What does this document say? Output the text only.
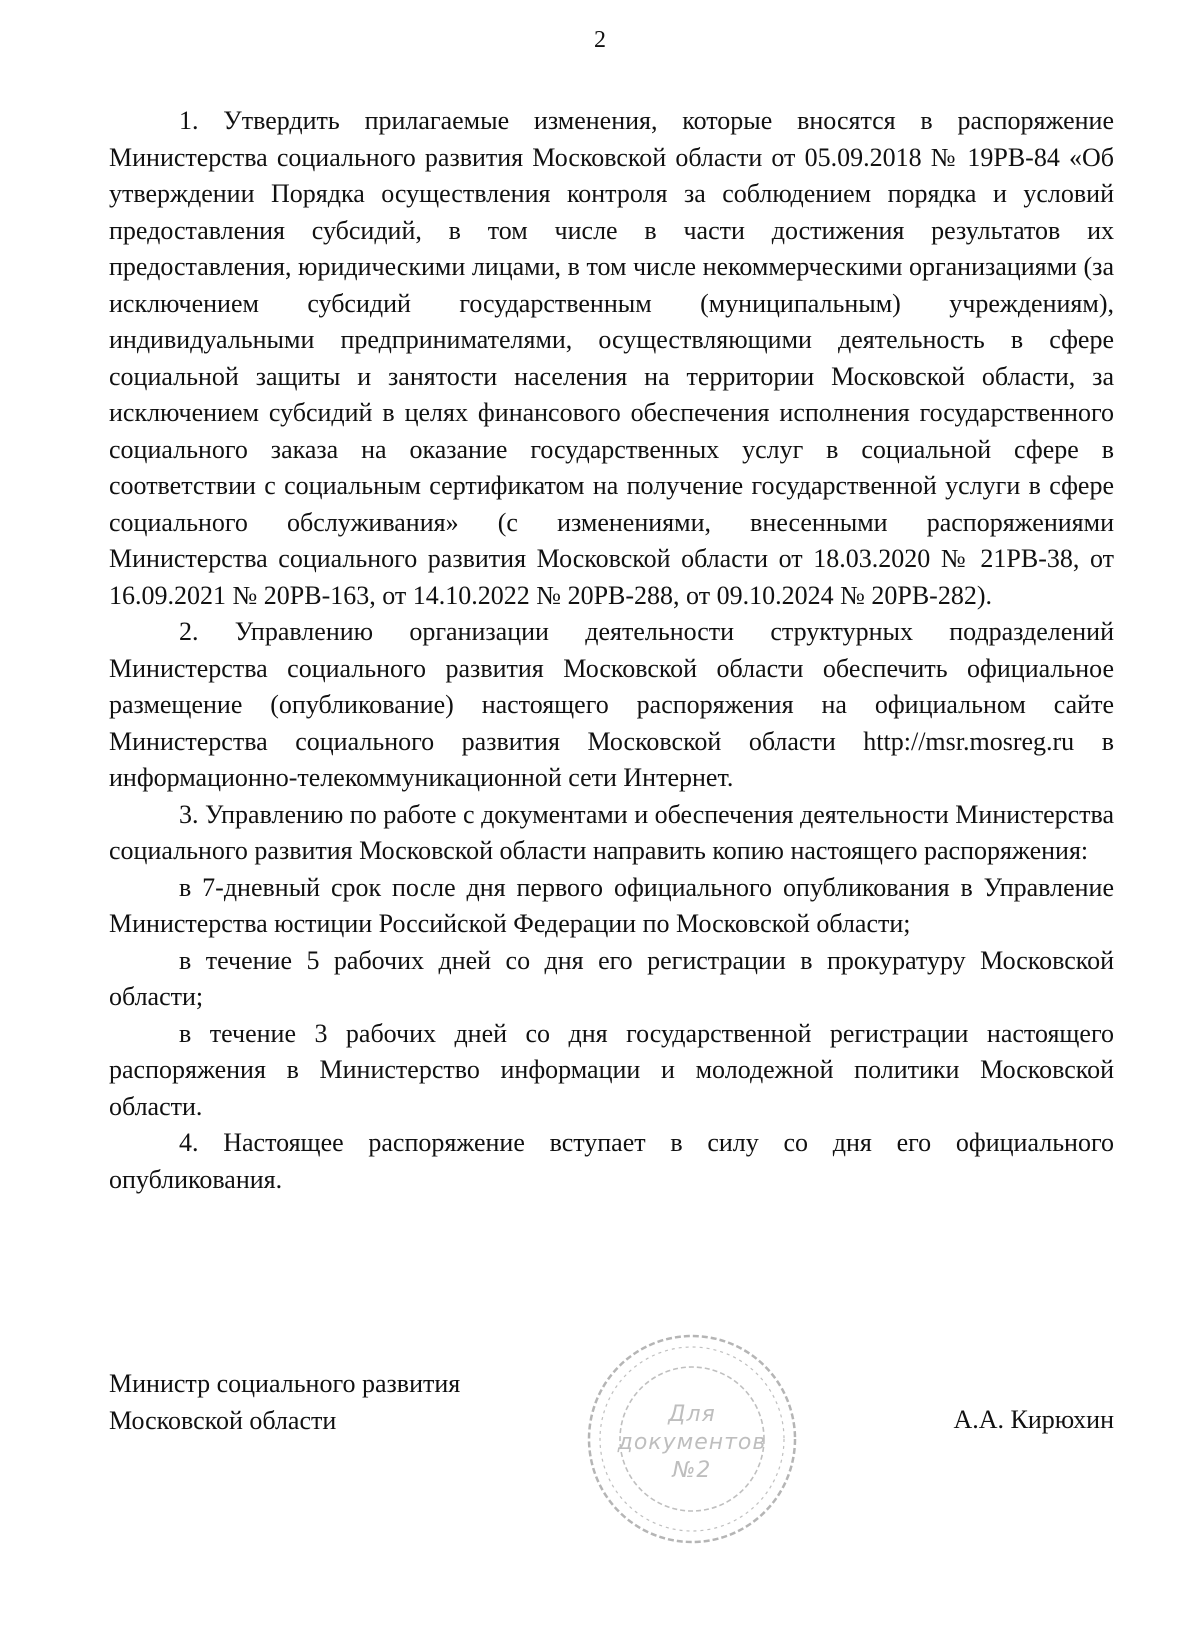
2

1. Утвердить прилагаемые изменения, которые вносятся в распоряжение Министерства социального развития Московской области от 05.09.2018 № 19РВ-84 «Об утверждении Порядка осуществления контроля за соблюдением порядка и условий предоставления субсидий, в том числе в части достижения результатов их предоставления, юридическими лицами, в том числе некоммерческими организациями (за исключением субсидий государственным (муниципальным) учреждениям), индивидуальными предпринимателями, осуществляющими деятельность в сфере социальной защиты и занятости населения на территории Московской области, за исключением субсидий в целях финансового обеспечения исполнения государственного социального заказа на оказание государственных услуг в социальной сфере в соответствии с социальным сертификатом на получение государственной услуги в сфере социального обслуживания» (с изменениями, внесенными распоряжениями Министерства социального развития Московской области от 18.03.2020 № 21РВ-38, от 16.09.2021 № 20РВ-163, от 14.10.2022 № 20РВ-288, от 09.10.2024 № 20РВ-282).

2. Управлению организации деятельности структурных подразделений Министерства социального развития Московской области обеспечить официальное размещение (опубликование) настоящего распоряжения на официальном сайте Министерства социального развития Московской области http://msr.mosreg.ru в информационно-телекоммуникационной сети Интернет.

3. Управлению по работе с документами и обеспечения деятельности Министерства социального развития Московской области направить копию настоящего распоряжения:

в 7-дневный срок после дня первого официального опубликования в Управление Министерства юстиции Российской Федерации по Московской области;

в течение 5 рабочих дней со дня его регистрации в прокуратуру Московской области;

в течение 3 рабочих дней со дня государственной регистрации настоящего распоряжения в Министерство информации и молодежной политики Московской области.

4. Настоящее распоряжение вступает в силу со дня его официального опубликования.

Министр социального развития
Московской области	А.А. Кирюхин
Для
документов
№2
